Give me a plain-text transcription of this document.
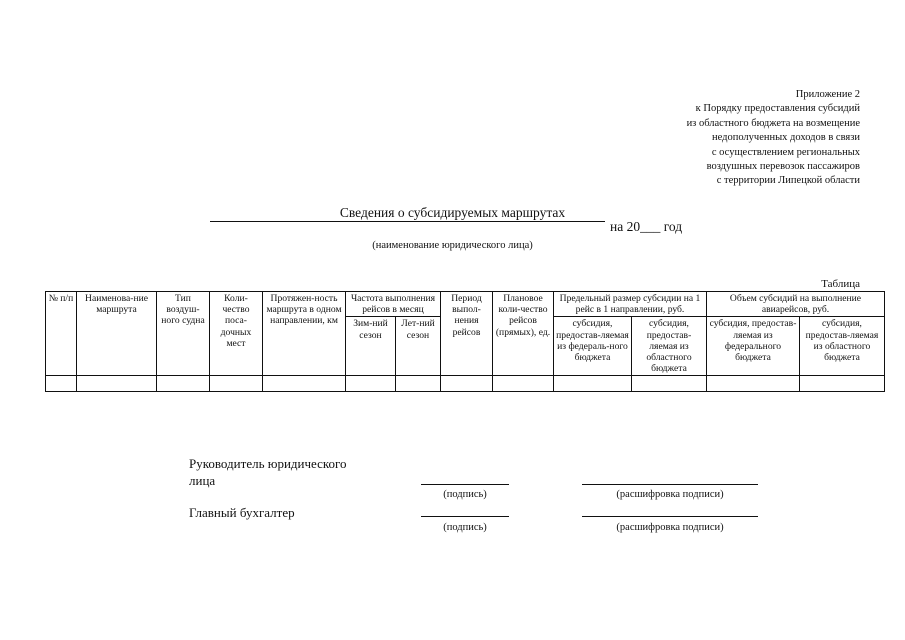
Приложение 2
к Порядку предоставления субсидий
из областного бюджета на возмещение
недополученных доходов в связи
с осуществлением региональных
воздушных перевозок пассажиров
с территории Липецкой области
Сведения о субсидируемых маршрутах
на 20___ год
(наименование юридического лица)
Таблица
№ п/п	Наименова-ние маршрута	Тип воздуш-ного судна	Коли-чество поса-дочных мест	Протяжен-ность маршрута в одном направлении, км	Частота выполнения рейсов в месяц		Период выпол-нения рейсов	Плановое коли-чество рейсов (прямых), ед.	Предельный размер субсидии на 1 рейс в 1 направлении, руб.		Объем субсидий на выполнение авиарейсов, руб.	
					Зим-ний сезон	Лет-ний сезон			субсидия, предостав-ляемая из федераль-ного бюджета	субсидия, предостав-ляемая из областного бюджета	субсидия, предостав-ляемая из федерального бюджета	субсидия, предостав-ляемая из областного бюджета

Руководитель юридического
лица
(подпись)	(расшифровка подписи)
Главный бухгалтер
(подпись)	(расшифровка подписи)
